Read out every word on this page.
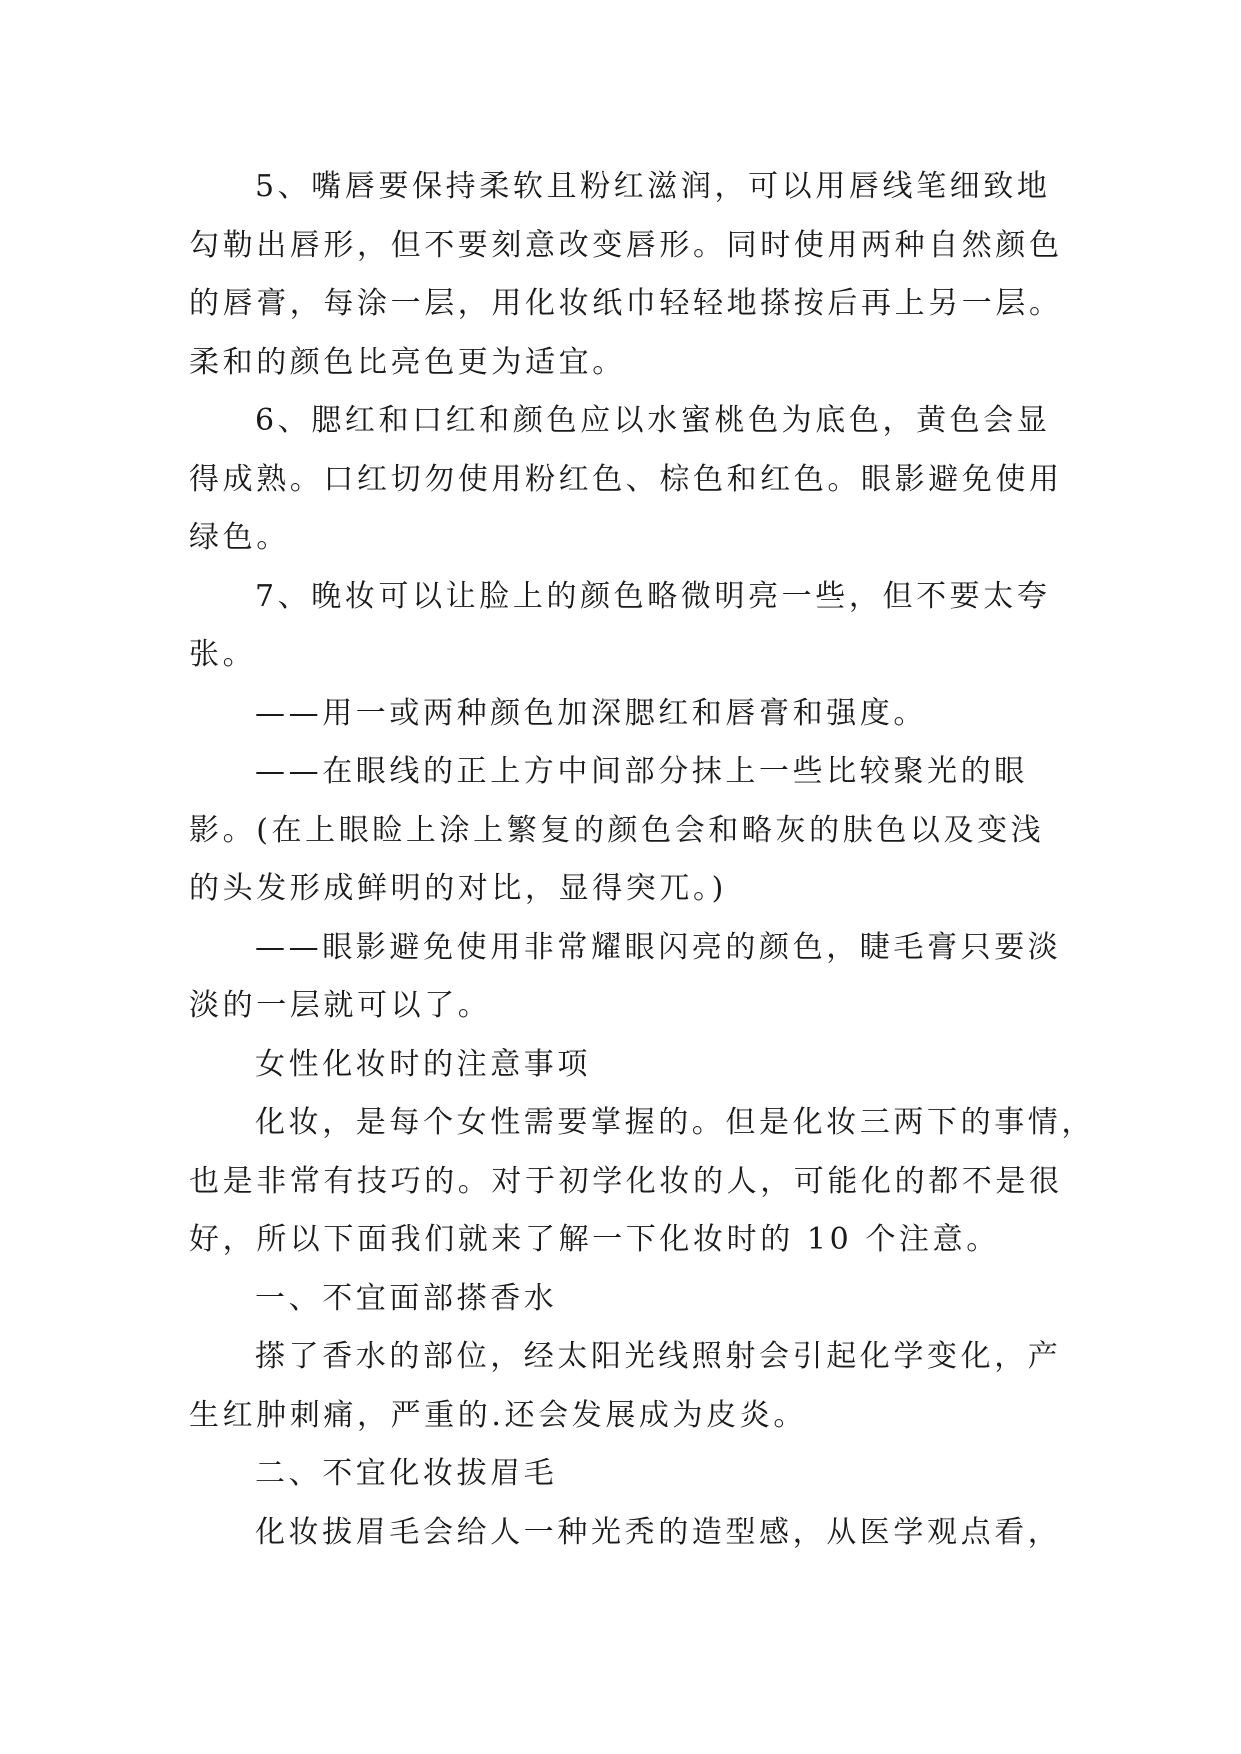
5、嘴唇要保持柔软且粉红滋润，可以用唇线笔细致地
勾勒出唇形，但不要刻意改变唇形。同时使用两种自然颜色
的唇膏，每涂一层，用化妆纸巾轻轻地搽按后再上另一层。
柔和的颜色比亮色更为适宜。
6、腮红和口红和颜色应以水蜜桃色为底色，黄色会显
得成熟。口红切勿使用粉红色、棕色和红色。眼影避免使用
绿色。
7、晚妆可以让脸上的颜色略微明亮一些，但不要太夸
张。
——用一或两种颜色加深腮红和唇膏和强度。
——在眼线的正上方中间部分抹上一些比较聚光的眼
影。(在上眼睑上涂上繁复的颜色会和略灰的肤色以及变浅
的头发形成鲜明的对比，显得突兀。)
——眼影避免使用非常耀眼闪亮的颜色，睫毛膏只要淡
淡的一层就可以了。
女性化妆时的注意事项
化妆，是每个女性需要掌握的。但是化妆三两下的事情，
也是非常有技巧的。对于初学化妆的人，可能化的都不是很
好，所以下面我们就来了解一下化妆时的 10 个注意。
一、不宜面部搽香水
搽了香水的部位，经太阳光线照射会引起化学变化，产
生红肿刺痛，严重的.还会发展成为皮炎。
二、不宜化妆拔眉毛
化妆拔眉毛会给人一种光秃的造型感，从医学观点看，
